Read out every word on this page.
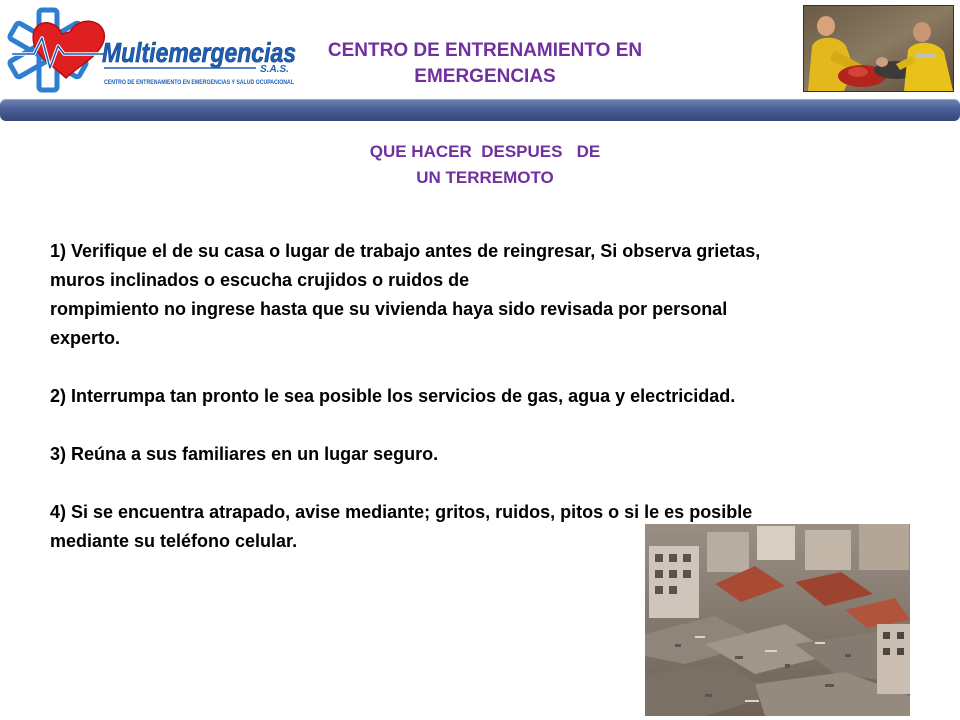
Multiemergencias
S.A.S.
CENTRO DE ENTRENAMIENTO EN EMERGENCIAS Y SALUD OCUPACIONAL
CENTRO DE ENTRENAMIENTO EN
EMERGENCIAS
QUE HACER  DESPUES   DE
UN TERREMOTO

1) Verifique el de su casa o lugar de trabajo antes de reingresar, Si observa grietas,

muros inclinados o escucha crujidos o ruidos de

rompimiento no ingrese hasta que su vivienda haya sido revisada por personal

experto.

2) Interrumpa tan pronto le sea posible los servicios de gas, agua y electricidad.

3) Reúna a sus familiares en un lugar seguro.

4) Si se encuentra atrapado, avise mediante; gritos, ruidos, pitos o si le es posible

mediante su teléfono celular.
